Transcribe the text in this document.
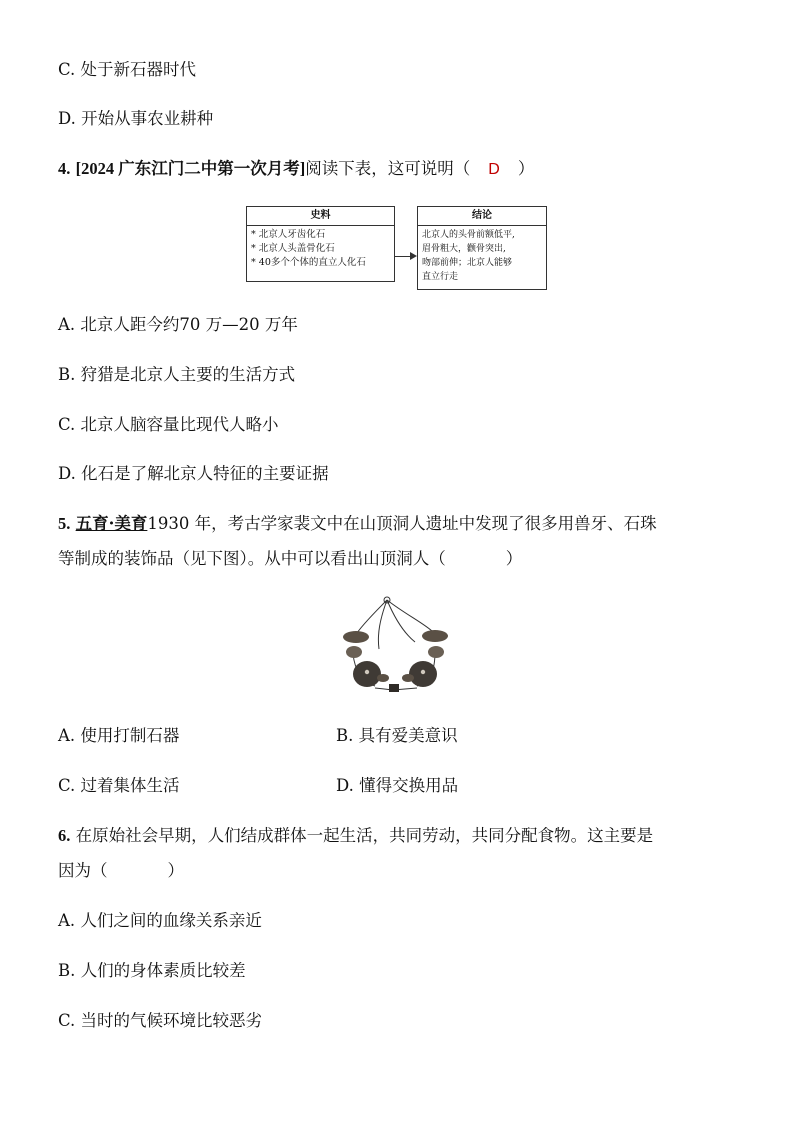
C. 处于新石器时代
D. 开始从事农业耕种
4. [2024 广东江门二中第一次月考]阅读下表，这可说明（ D ）
史料
* 北京人牙齿化石
* 北京人头盖骨化石
* 40多个个体的直立人化石
结论
北京人的头骨前额低平,
眉骨粗大，颧骨突出,
吻部前伸；北京人能够
直立行走
A. 北京人距今约70 万—20 万年
B. 狩猎是北京人主要的生活方式
C. 北京人脑容量比现代人略小
D. 化石是了解北京人特征的主要证据
5. 五育·美育1930 年，考古学家裴文中在山顶洞人遗址中发现了很多用兽牙、石珠
等制成的装饰品（见下图）。从中可以看出山顶洞人（	）
A. 使用打制石器	B. 具有爱美意识
C. 过着集体生活	D. 懂得交换用品
6. 在原始社会早期，人们结成群体一起生活，共同劳动，共同分配食物。这主要是
因为（	）
A. 人们之间的血缘关系亲近
B. 人们的身体素质比较差
C. 当时的气候环境比较恶劣
